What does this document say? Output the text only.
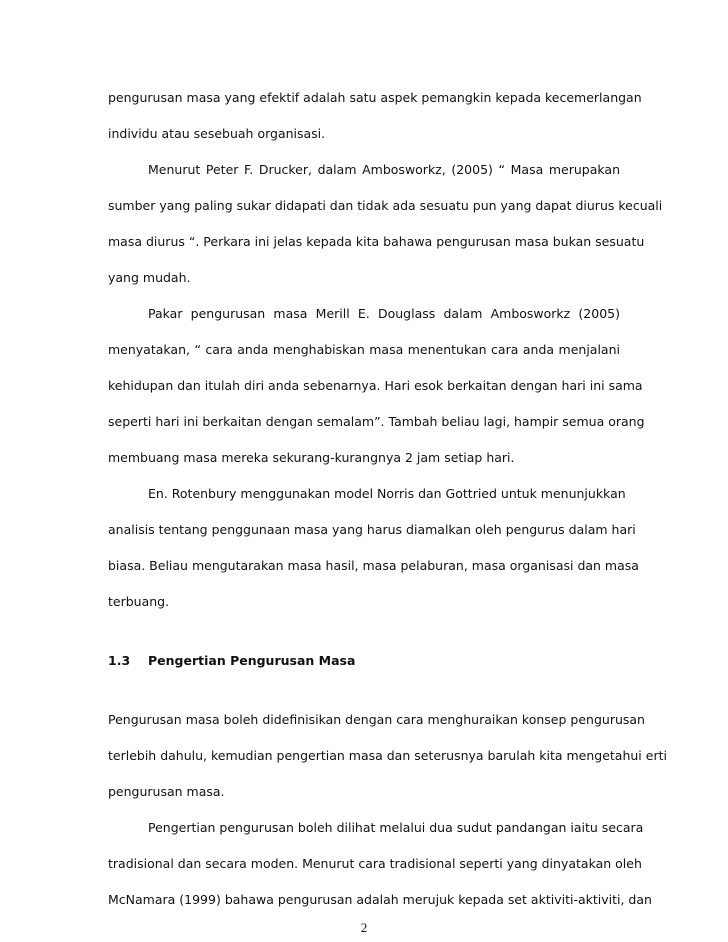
pengurusan masa yang efektif adalah satu aspek pemangkin kepada kecemerlangan
individu atau sesebuah organisasi.
Menurut Peter F. Drucker, dalam Ambosworkz, (2005) “ Masa merupakan
sumber yang paling sukar didapati dan tidak ada sesuatu pun yang dapat diurus kecuali
masa diurus “. Perkara ini jelas kepada kita bahawa pengurusan masa bukan sesuatu
yang mudah.
Pakar pengurusan masa Merill E. Douglass dalam Ambosworkz (2005)
menyatakan, “ cara anda menghabiskan masa menentukan cara anda menjalani
kehidupan dan itulah diri anda sebenarnya. Hari esok berkaitan dengan hari ini sama
seperti hari ini berkaitan dengan semalam”. Tambah beliau lagi, hampir semua orang
membuang masa mereka sekurang-kurangnya 2 jam setiap hari.
En. Rotenbury menggunakan model Norris dan Gottried untuk menunjukkan
analisis tentang penggunaan masa yang harus diamalkan oleh pengurus dalam hari
biasa. Beliau mengutarakan masa hasil, masa pelaburan, masa organisasi dan masa
terbuang.
1.3 Pengertian Pengurusan Masa
Pengurusan masa boleh didefinisikan dengan cara menghuraikan konsep pengurusan
terlebih dahulu, kemudian pengertian masa dan seterusnya barulah kita mengetahui erti
pengurusan masa.
Pengertian pengurusan boleh dilihat melalui dua sudut pandangan iaitu secara
tradisional dan secara moden. Menurut cara tradisional seperti yang dinyatakan oleh
McNamara (1999) bahawa pengurusan adalah merujuk kepada set aktiviti-aktiviti, dan
2
